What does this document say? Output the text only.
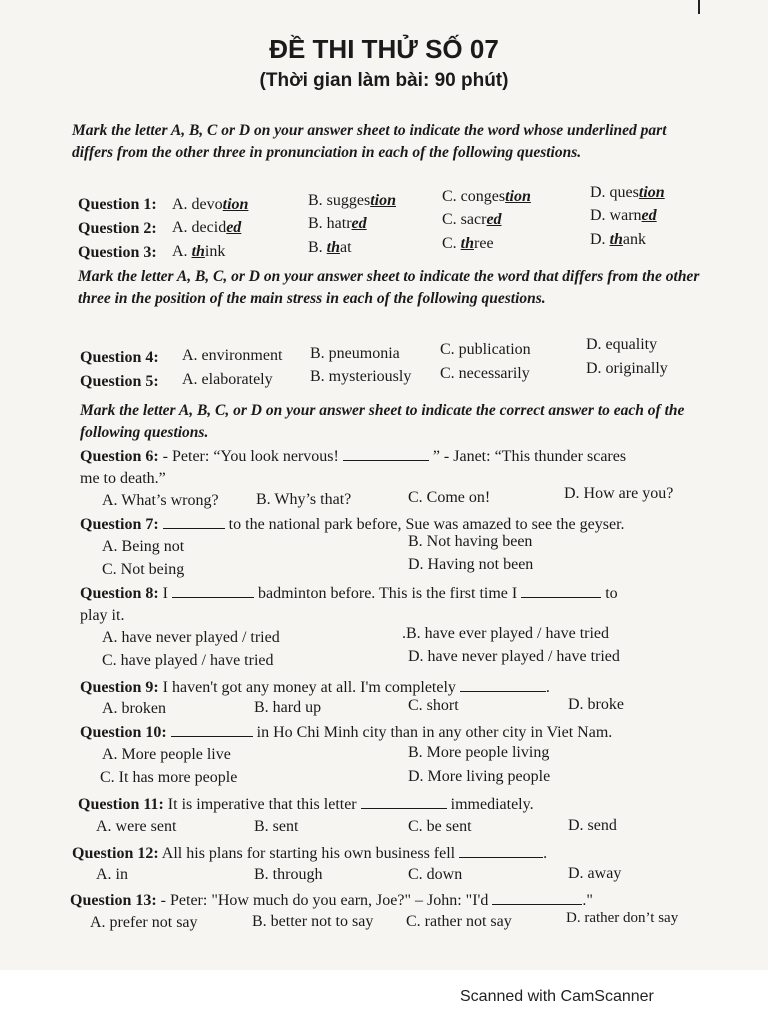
ĐỀ THI THỬ SỐ 07
(Thời gian làm bài: 90 phút)
Mark the letter A, B, C or D on your answer sheet to indicate the word whose underlined part differs from the other three in pronunciation in each of the following questions.
Question 1: A. devotion	B. suggestion	C. congestion	D. question
Question 2: A. decided	B. hatred	C. sacred	D. warned
Question 3: A. think	B. that	C. three	D. thank
Mark the letter A, B, C, or D on your answer sheet to indicate the word that differs from the other three in the position of the main stress in each of the following questions.
Question 4: A. environment B. pneumonia	C. publication	D. equality
Question 5: A. elaborately B. mysteriously C. necessarily	D. originally
Mark the letter A, B, C, or D on your answer sheet to indicate the correct answer to each of the following questions.
Question 6: - Peter: “You look nervous!	” - Janet: “This thunder scares
me to death.”
A. What’s wrong? B. Why’s that?	C. Come on!	D. How are you?
Question 7:	to the national park before, Sue was amazed to see the geyser.
A. Being not	B. Not having been
C. Not being	D. Having not been
Question 8: I	badminton before. This is the first time I	to
play it.
A. have never played / tried	.B. have ever played / have tried
C. have played / have tried	D. have never played / have tried
Question 9: I haven't got any money at all. I'm completely	.
A. broken	B. hard up	C. short	D. broke
Question 10:	in Ho Chi Minh city than in any other city in Viet Nam.
A. More people live	B. More people living
C. It has more people	D. More living people
Question 11: It is imperative that this letter	immediately.
A. were sent	B. sent	C. be sent	D. send
Question 12: All his plans for starting his own business fell	.
A. in	B. through	C. down	D. away
Question 13: - Peter: "How much do you earn, Joe?" – John: "I'd	."
A. prefer not say	B. better not to say C. rather not say	D. rather don’t say
Scanned with CamScanner
